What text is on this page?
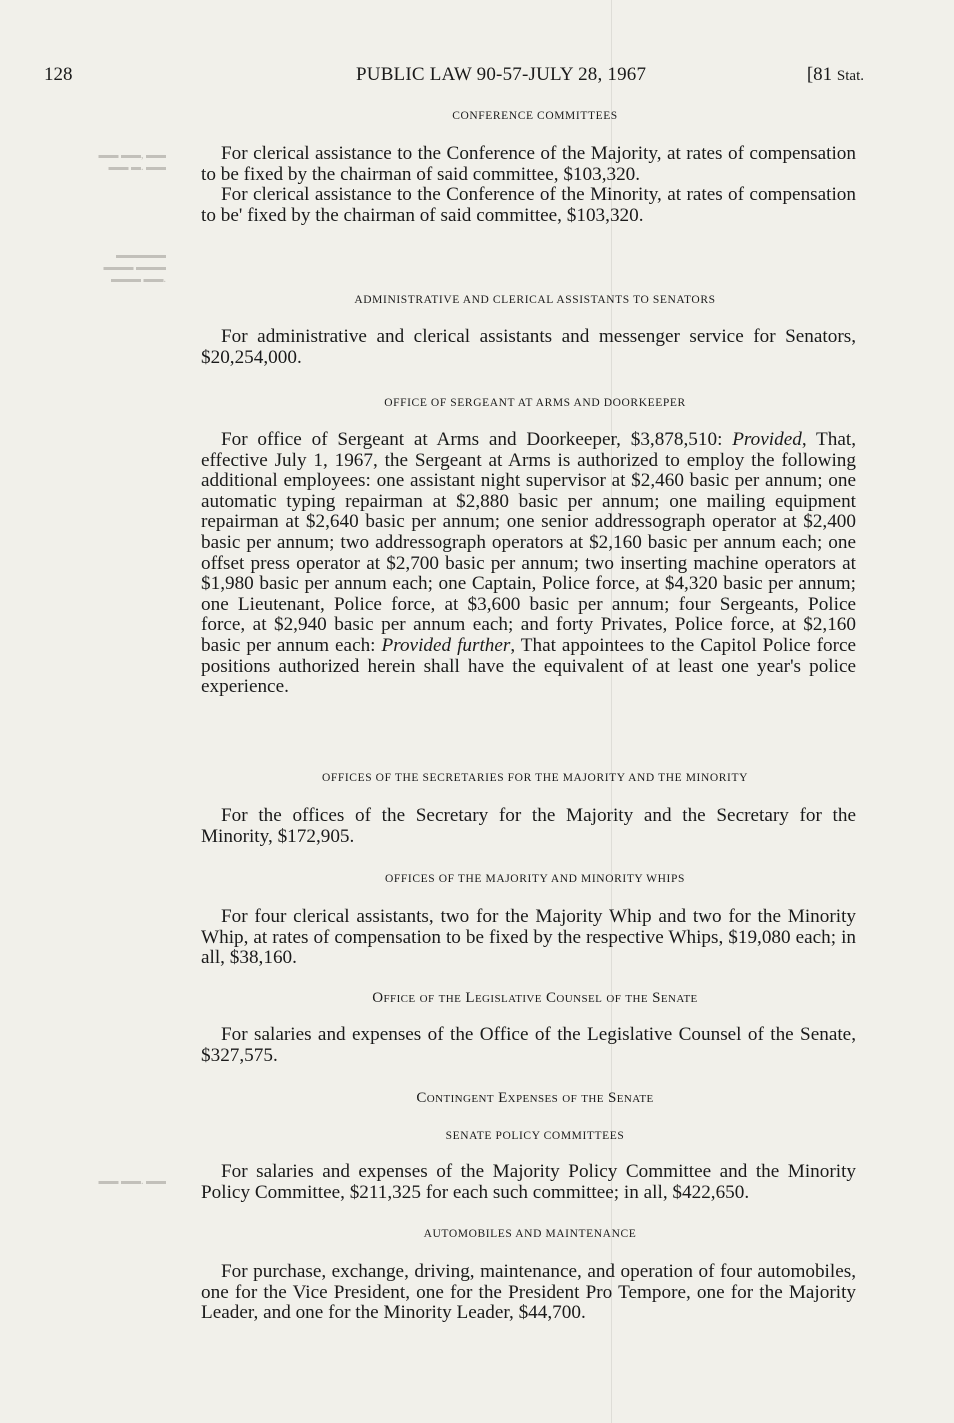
▬▬ ▬▬, ▬▬
▬▬ ▬. ▬▬
▬▬▬▬▬
▬▬▬ ▬▬▬
▬▬▬ ▬▬.
▬▬ ▬▬. ▬▬
128	PUBLIC LAW 90-57-JULY 28, 1967	[81 Stat.
CONFERENCE COMMITTEES

For clerical assistance to the Conference of the Majority, at rates of compensation to be fixed by the chairman of said committee, $103,320.

For clerical assistance to the Conference of the Minority, at rates of compensation to be' fixed by the chairman of said committee, $103,320.

ADMINISTRATIVE AND CLERICAL ASSISTANTS TO SENATORS

For administrative and clerical assistants and messenger service for Senators, $20,254,000.

OFFICE OF SERGEANT AT ARMS AND DOORKEEPER

For office of Sergeant at Arms and Doorkeeper, $3,878,510: Provided, That, effective July 1, 1967, the Sergeant at Arms is authorized to employ the following additional employees: one assistant night supervisor at $2,460 basic per annum; one automatic typing repairman at $2,880 basic per annum; one mailing equipment repairman at $2,640 basic per annum; one senior addressograph operator at $2,400 basic per annum; two addressograph operators at $2,160 basic per annum each; one offset press operator at $2,700 basic per annum; two inserting machine operators at $1,980 basic per annum each; one Captain, Police force, at $4,320 basic per annum; one Lieutenant, Police force, at $3,600 basic per annum; four Sergeants, Police force, at $2,940 basic per annum each; and forty Privates, Police force, at $2,160 basic per annum each: Provided further, That appointees to the Capitol Police force positions authorized herein shall have the equivalent of at least one year's police experience.

OFFICES OF THE SECRETARIES FOR THE MAJORITY AND THE MINORITY

For the offices of the Secretary for the Majority and the Secretary for the Minority, $172,905.

OFFICES OF THE MAJORITY AND MINORITY WHIPS

For four clerical assistants, two for the Majority Whip and two for the Minority Whip, at rates of compensation to be fixed by the respective Whips, $19,080 each; in all, $38,160.

Office of the Legislative Counsel of the Senate

For salaries and expenses of the Office of the Legislative Counsel of the Senate, $327,575.

Contingent Expenses of the Senate
SENATE POLICY COMMITTEES

For salaries and expenses of the Majority Policy Committee and the Minority Policy Committee, $211,325 for each such committee; in all, $422,650.

AUTOMOBILES AND MAINTENANCE

For purchase, exchange, driving, maintenance, and operation of four automobiles, one for the Vice President, one for the President Pro Tempore, one for the Majority Leader, and one for the Minority Leader, $44,700.
